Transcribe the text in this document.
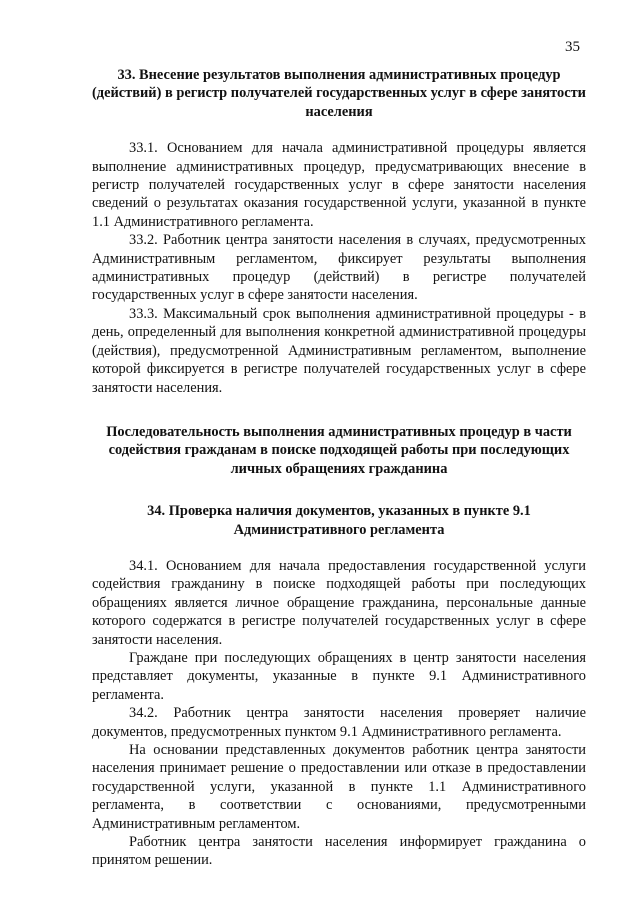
35

33. Внесение результатов выполнения административных процедур (действий) в регистр получателей государственных услуг в сфере занятости населения

33.1. Основанием для начала административной процедуры является выполнение административных процедур, предусматривающих внесение в регистр получателей государственных услуг в сфере занятости населения сведений о результатах оказания государственной услуги, указанной в пункте 1.1 Административного регламента.

33.2. Работник центра занятости населения в случаях, предусмотренных Административным регламентом, фиксирует результаты выполнения административных процедур (действий) в регистре получателей государственных услуг в сфере занятости населения.

33.3. Максимальный срок выполнения административной процедуры - в день, определенный для выполнения конкретной административной процедуры (действия), предусмотренной Административным регламентом, выполнение которой фиксируется в регистре получателей государственных услуг в сфере занятости населения.

Последовательность выполнения административных процедур в части содействия гражданам в поиске подходящей работы при последующих личных обращениях гражданина

34. Проверка наличия документов, указанных в пункте 9.1 Административного регламента

34.1. Основанием для начала предоставления государственной услуги содействия гражданину в поиске подходящей работы при последующих обращениях является личное обращение гражданина, персональные данные которого содержатся в регистре получателей государственных услуг в сфере занятости населения.

Граждане при последующих обращениях в центр занятости населения представляет документы, указанные в пункте 9.1 Административного регламента.

34.2. Работник центра занятости населения проверяет наличие документов, предусмотренных пунктом 9.1 Административного регламента.

На основании представленных документов работник центра занятости населения принимает решение о предоставлении или отказе в предоставлении государственной услуги, указанной в пункте 1.1 Административного регламента, в соответствии с основаниями, предусмотренными Административным регламентом.

Работник центра занятости населения информирует гражданина о принятом решении.
